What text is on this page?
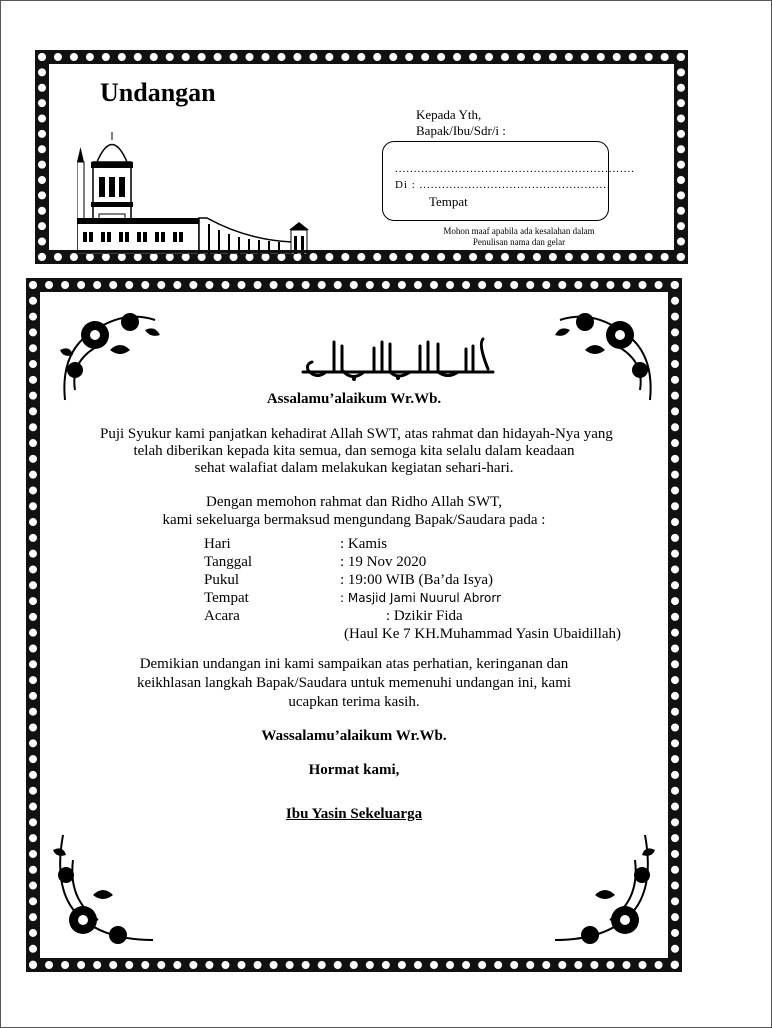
Undangan
Kepada Yth,
Bapak/Ibu/Sdr/i :
................................................................
Di : ...................................................
Tempat
Mohon maaf apabila ada kesalahan dalam
Penulisan nama dan gelar
Assalamu’alaikum Wr.Wb.
Puji Syukur kami panjatkan kehadirat Allah SWT, atas rahmat dan hidayah-Nya yang
telah diberikan kepada kita semua, dan semoga kita selalu dalam keadaan
sehat walafiat dalam melakukan kegiatan sehari-hari.
Dengan memohon rahmat dan Ridho Allah SWT,
kami sekeluarga bermaksud mengundang Bapak/Saudara pada :
Hari	: Kamis
Tanggal	: 19 Nov 2020
Pukul	: 19:00 WIB (Ba’da Isya)
Tempat	: Masjid Jami Nuurul Abrorr
Acara	: Dzikir Fida
(Haul Ke 7 KH.Muhammad Yasin Ubaidillah)
Demikian undangan ini kami sampaikan atas perhatian, keringanan dan
keikhlasan langkah Bapak/Saudara untuk memenuhi undangan ini, kami
ucapkan terima kasih.
Wassalamu’alaikum Wr.Wb.
Hormat kami,
Ibu Yasin Sekeluarga
